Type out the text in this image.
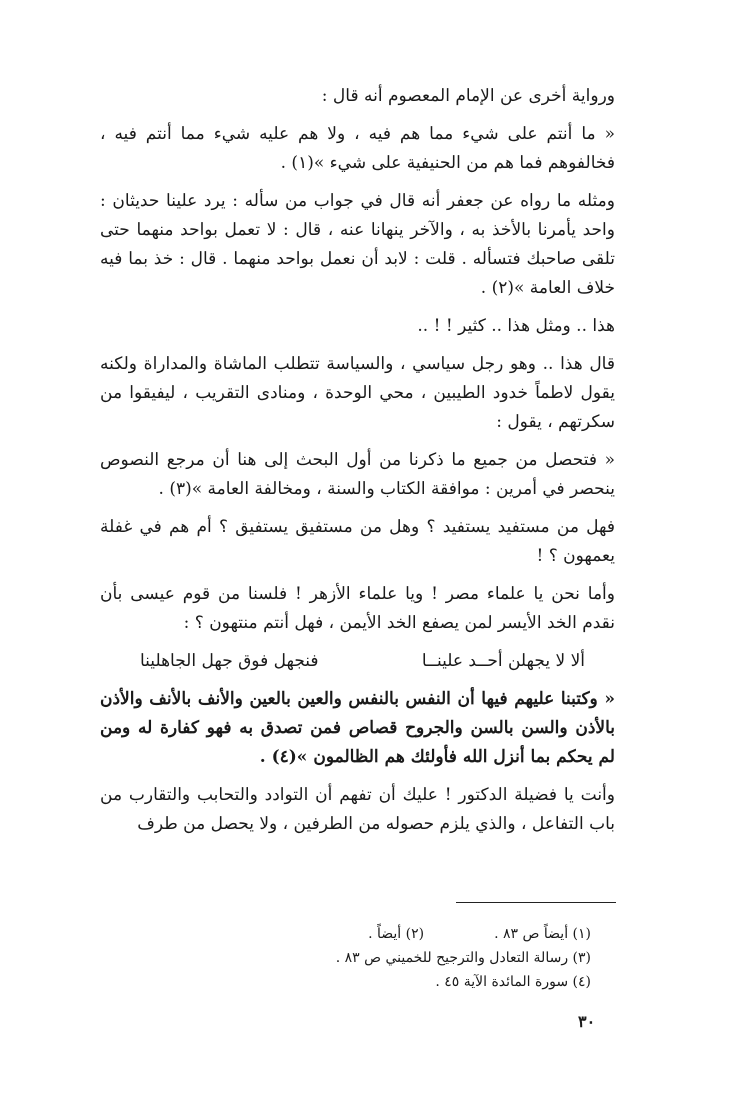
ورواية أخرى عن الإمام المعصوم أنه قال :

« ما أنتم على شيء مما هم فيه ، ولا هم عليه شيء مما أنتم فيه ، فخالفوهم فما هم من الحنيفية على شيء »(١) .

ومثله ما رواه عن جعفر أنه قال في جواب من سأله : يرد علينا حديثان : واحد يأمرنا بالأخذ به ، والآخر ينهانا عنه ، قال : لا تعمل بواحد منهما حتى تلقى صاحبك فتسأله . قلت : لابد أن نعمل بواحد منهما . قال : خذ بما فيه خلاف العامة »(٢) .

هذا .. ومثل هذا .. كثير ! ! ..

قال هذا .. وهو رجل سياسي ، والسياسة تتطلب الماشاة والمداراة ولكنه يقول لاطماً خدود الطيبين ، محي الوحدة ، ومنادى التقريب ، ليفيقوا من سكرتهم ، يقول :

« فتحصل من جميع ما ذكرنا من أول البحث إلى هنا أن مرجع النصوص ينحصر في أمرين : موافقة الكتاب والسنة ، ومخالفة العامة »(٣) .

فهل من مستفيد يستفيد ؟ وهل من مستفيق يستفيق ؟ أم هم في غفلة يعمهون ؟ !

وأما نحن يا علماء مصر ! ويا علماء الأزهر ! فلسنا من قوم عيسى بأن نقدم الخد الأيسر لمن يصفع الخد الأيمن ، فهل أنتم منتهون ؟ :

ألا لا يجهلن أحــد علينــا
فنجهل فوق جهل الجاهلينا

« وكتبنا عليهم فيها أن النفس بالنفس والعين بالعين والأنف بالأنف والأذن بالأذن والسن بالسن والجروح قصاص فمن تصدق به فهو كفارة له ومن لم يحكم بما أنزل الله فأولئك هم الظالمون »(٤) .

وأنت يا فضيلة الدكتور ! عليك أن تفهم أن التوادد والتحابب والتقارب من باب التفاعل ، والذي يلزم حصوله من الطرفين ، ولا يحصل من طرف

(١) أيضاً ص ٨٣ .
(٢) أيضاً .
(٣) رسالة التعادل والترجيح للخميني ص ٨٣ .
(٤) سورة المائدة الآية ٤٥ .
٣٠
